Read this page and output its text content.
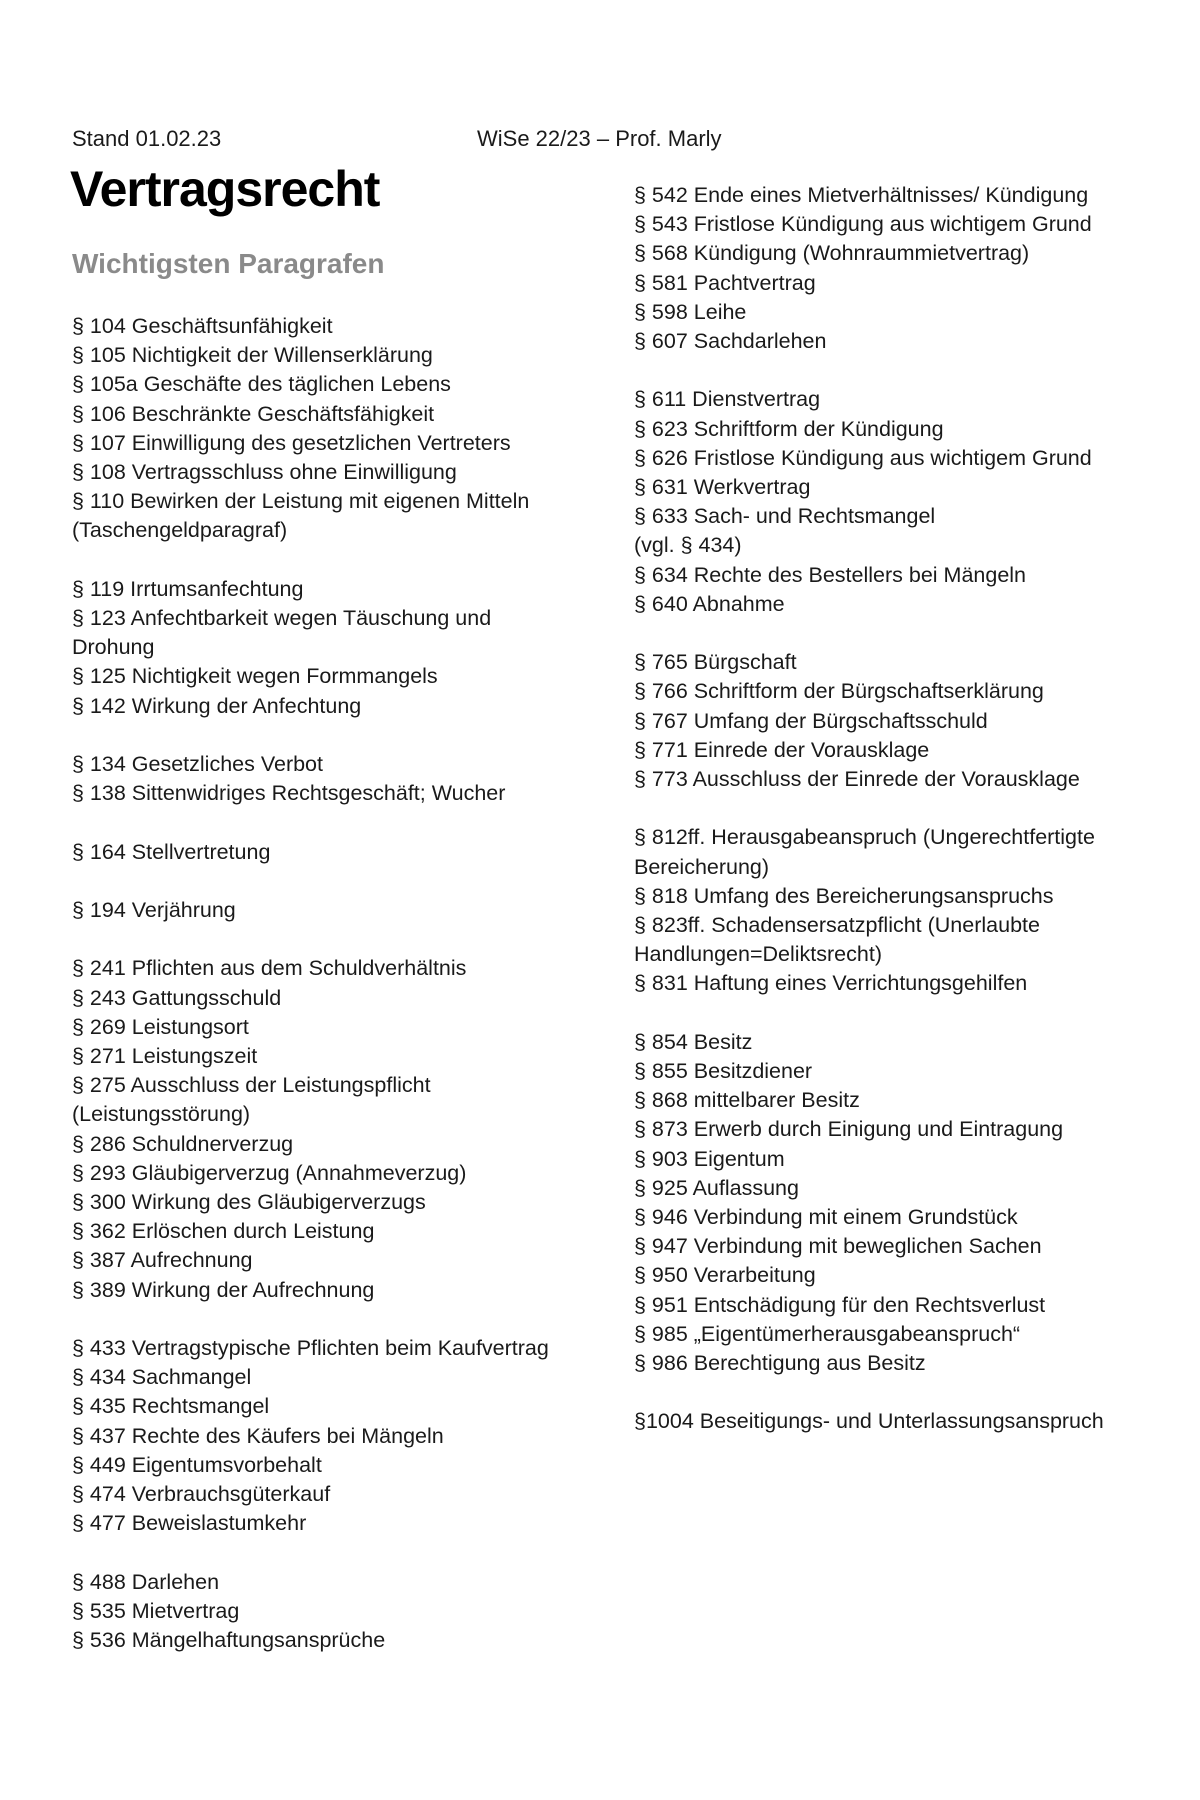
Stand 01.02.23	WiSe 22/23 – Prof. Marly
Vertragsrecht
Wichtigsten Paragrafen
§ 104 Geschäftsunfähigkeit
§ 105 Nichtigkeit der Willenserklärung
§ 105a Geschäfte des täglichen Lebens
§ 106 Beschränkte Geschäftsfähigkeit
§ 107 Einwilligung des gesetzlichen Vertreters
§ 108 Vertragsschluss ohne Einwilligung
§ 110 Bewirken der Leistung mit eigenen Mitteln
(Taschengeldparagraf)
§ 119 Irrtumsanfechtung
§ 123 Anfechtbarkeit wegen Täuschung und
Drohung
§ 125 Nichtigkeit wegen Formmangels
§ 142 Wirkung der Anfechtung
§ 134 Gesetzliches Verbot
§ 138 Sittenwidriges Rechtsgeschäft; Wucher
§ 164 Stellvertretung
§ 194 Verjährung
§ 241 Pflichten aus dem Schuldverhältnis
§ 243 Gattungsschuld
§ 269 Leistungsort
§ 271 Leistungszeit
§ 275 Ausschluss der Leistungspflicht
(Leistungsstörung)
§ 286 Schuldnerverzug
§ 293 Gläubigerverzug (Annahmeverzug)
§ 300 Wirkung des Gläubigerverzugs
§ 362 Erlöschen durch Leistung
§ 387 Aufrechnung
§ 389 Wirkung der Aufrechnung
§ 433 Vertragstypische Pflichten beim Kaufvertrag
§ 434 Sachmangel
§ 435 Rechtsmangel
§ 437 Rechte des Käufers bei Mängeln
§ 449 Eigentumsvorbehalt
§ 474 Verbrauchsgüterkauf
§ 477 Beweislastumkehr
§ 488 Darlehen
§ 535 Mietvertrag
§ 536 Mängelhaftungsansprüche
§ 542 Ende eines Mietverhältnisses/ Kündigung
§ 543 Fristlose Kündigung aus wichtigem Grund
§ 568 Kündigung (Wohnraummietvertrag)
§ 581 Pachtvertrag
§ 598 Leihe
§ 607 Sachdarlehen
§ 611 Dienstvertrag
§ 623 Schriftform der Kündigung
§ 626 Fristlose Kündigung aus wichtigem Grund
§ 631 Werkvertrag
§ 633 Sach- und Rechtsmangel
(vgl. § 434)
§ 634 Rechte des Bestellers bei Mängeln
§ 640 Abnahme
§ 765 Bürgschaft
§ 766 Schriftform der Bürgschaftserklärung
§ 767 Umfang der Bürgschaftsschuld
§ 771 Einrede der Vorausklage
§ 773 Ausschluss der Einrede der Vorausklage
§ 812ff. Herausgabeanspruch (Ungerechtfertigte
Bereicherung)
§ 818 Umfang des Bereicherungsanspruchs
§ 823ff. Schadensersatzpflicht (Unerlaubte
Handlungen=Deliktsrecht)
§ 831 Haftung eines Verrichtungsgehilfen
§ 854 Besitz
§ 855 Besitzdiener
§ 868 mittelbarer Besitz
§ 873 Erwerb durch Einigung und Eintragung
§ 903 Eigentum
§ 925 Auflassung
§ 946 Verbindung mit einem Grundstück
§ 947 Verbindung mit beweglichen Sachen
§ 950 Verarbeitung
§ 951 Entschädigung für den Rechtsverlust
§ 985 „Eigentümerherausgabeanspruch“
§ 986 Berechtigung aus Besitz
§1004 Beseitigungs- und Unterlassungsanspruch
